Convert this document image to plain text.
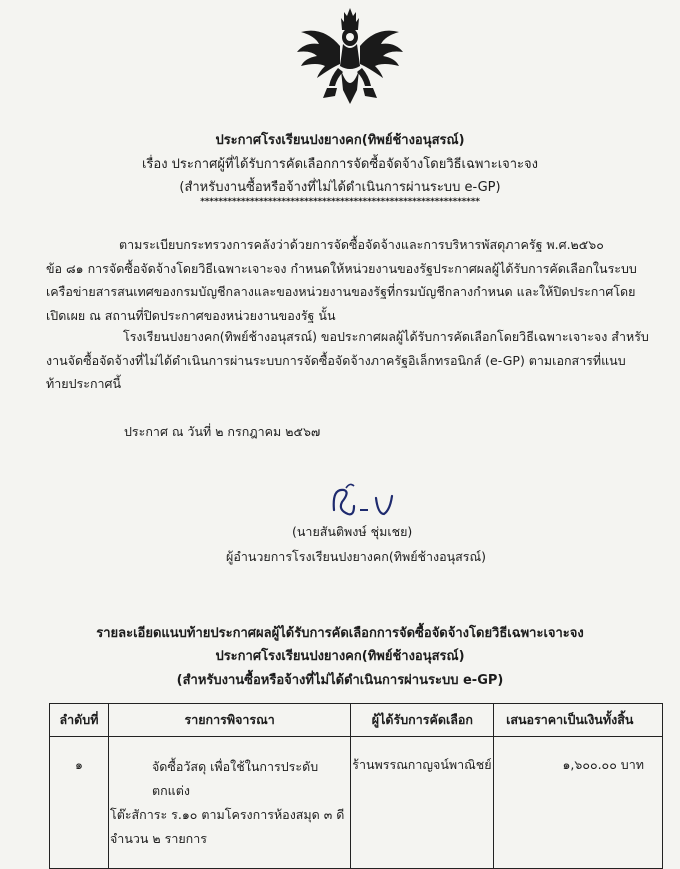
ประกาศโรงเรียนปงยางคก(ทิพย์ช้างอนุสรณ์)
เรื่อง ประกาศผู้ที่ได้รับการคัดเลือกการจัดซื้อจัดจ้างโดยวิธีเฉพาะเจาะจง
(สำหรับงานซื้อหรือจ้างที่ไม่ได้ดำเนินการผ่านระบบ e-GP)
**************************************************************
ตามระเบียบกระทรวงการคลังว่าด้วยการจัดซื้อจัดจ้างและการบริหารพัสดุภาครัฐ พ.ศ.๒๕๖๐
ข้อ ๘๑ การจัดซื้อจัดจ้างโดยวิธีเฉพาะเจาะจง กำหนดให้หน่วยงานของรัฐประกาศผลผู้ได้รับการคัดเลือกในระบบ
เครือข่ายสารสนเทศของกรมบัญชีกลางและของหน่วยงานของรัฐที่กรมบัญชีกลางกำหนด และให้ปิดประกาศโดย
เปิดเผย ณ สถานที่ปิดประกาศของหน่วยงานของรัฐ นั้น
โรงเรียนปงยางคก(ทิพย์ช้างอนุสรณ์) ขอประกาศผลผู้ได้รับการคัดเลือกโดยวิธีเฉพาะเจาะจง สำหรับ
งานจัดซื้อจัดจ้างที่ไม่ได้ดำเนินการผ่านระบบการจัดซื้อจัดจ้างภาครัฐอิเล็กทรอนิกส์ (e-GP) ตามเอกสารที่แนบ
ท้ายประกาศนี้
ประกาศ ณ วันที่ ๒ กรกฎาคม ๒๕๖๗
(นายสันติพงษ์ ชุ่มเชย)
ผู้อำนวยการโรงเรียนปงยางคก(ทิพย์ช้างอนุสรณ์)
รายละเอียดแนบท้ายประกาศผลผู้ได้รับการคัดเลือกการจัดซื้อจัดจ้างโดยวิธีเฉพาะเจาะจง
ประกาศโรงเรียนปงยางคก(ทิพย์ช้างอนุสรณ์)
(สำหรับงานซื้อหรือจ้างที่ไม่ได้ดำเนินการผ่านระบบ e-GP)
ลำดับที่	รายการพิจารณา	ผู้ได้รับการคัดเลือก	เสนอราคาเป็นเงินทั้งสิ้น
๑	จัดซื้อวัสดุ เพื่อใช้ในการประดับตกแต่ง
โต๊ะสัการะ ร.๑๐ ตามโครงการห้องสมุด ๓ ดี
จำนวน ๒ รายการ	ร้านพรรณกาญจน์พาณิชย์	๑,๖๐๐.๐๐ บาท
